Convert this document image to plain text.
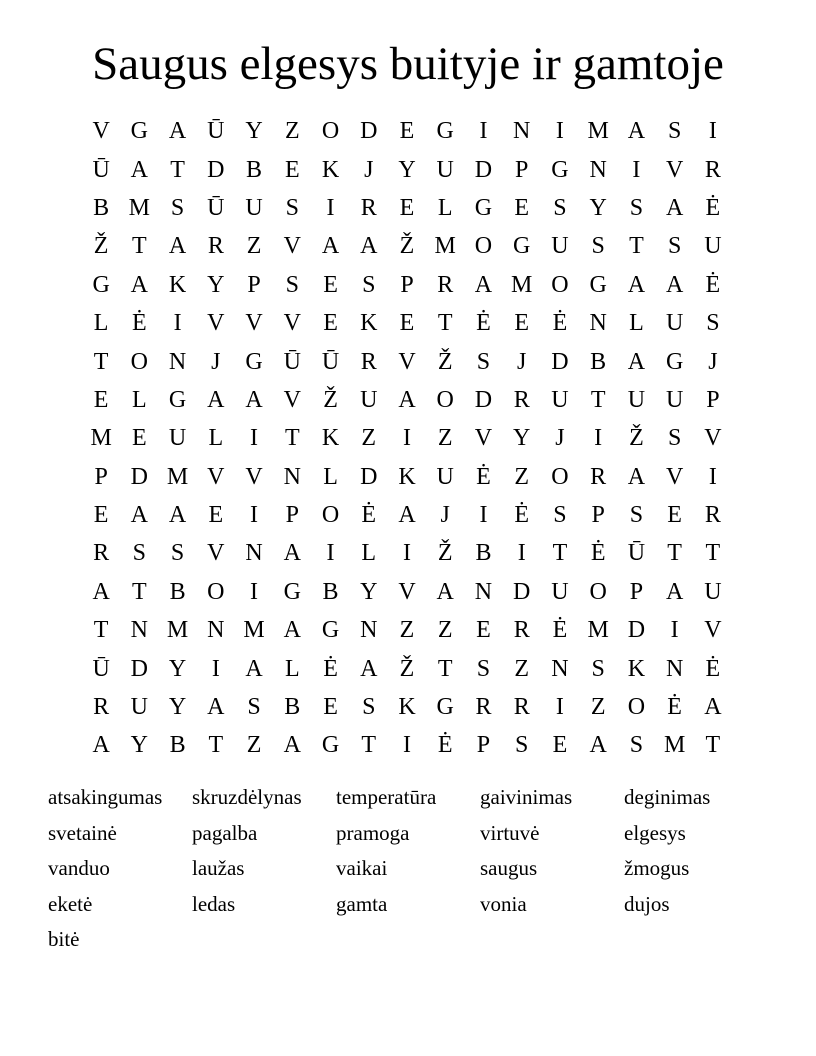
Saugus elgesys buityje ir gamtoje
V G A Ū Y Z O D E G	I	N	I M A S	I
Ū A T D B E K	J	Y U D P G N	I	V R
B M S Ū U S	I	R E L G E	S Y S A Ė
Ž T A R Z V A A Ž M O G U S	T	S U
G A K Y P	S	E	S	P R A M O G A A Ė
L Ė	I	V V V E K E T Ė E Ė N L U S
T O N	J	G Ū Ū R V Ž	S	J	D B A G	J
E L G A A V Ž U A O D R U T U U P
M E U L	I	T K Z	I	Z V Y	J	I	Ž	S V
P D M V V N L D K U Ė Z O R A V	I
E A A E	I	P O Ė A	J	I	Ė	S	P	S	E R
R S	S V N A	I	L	I	Ž B	I	T Ė Ū T T
A T B O	I	G B Y V A N D U O P A U
T N M N M A G N Z Z E R Ė M D	I	V
Ū D Y	I	A L Ė A Ž T	S	Z N S K N Ė
R U Y A S B E	S K G R R	I	Z O Ė A
A Y B T Z A G T	I	Ė	P	S	E A S M T
atsakingumas	skruzdėlynas	temperatūra	gaivinimas	deginimas
svetainė	pagalba	pramoga	virtuvė	elgesys
vanduo	laužas	vaikai	saugus	žmogus
eketė	ledas	gamta	vonia	dujos
bitė
